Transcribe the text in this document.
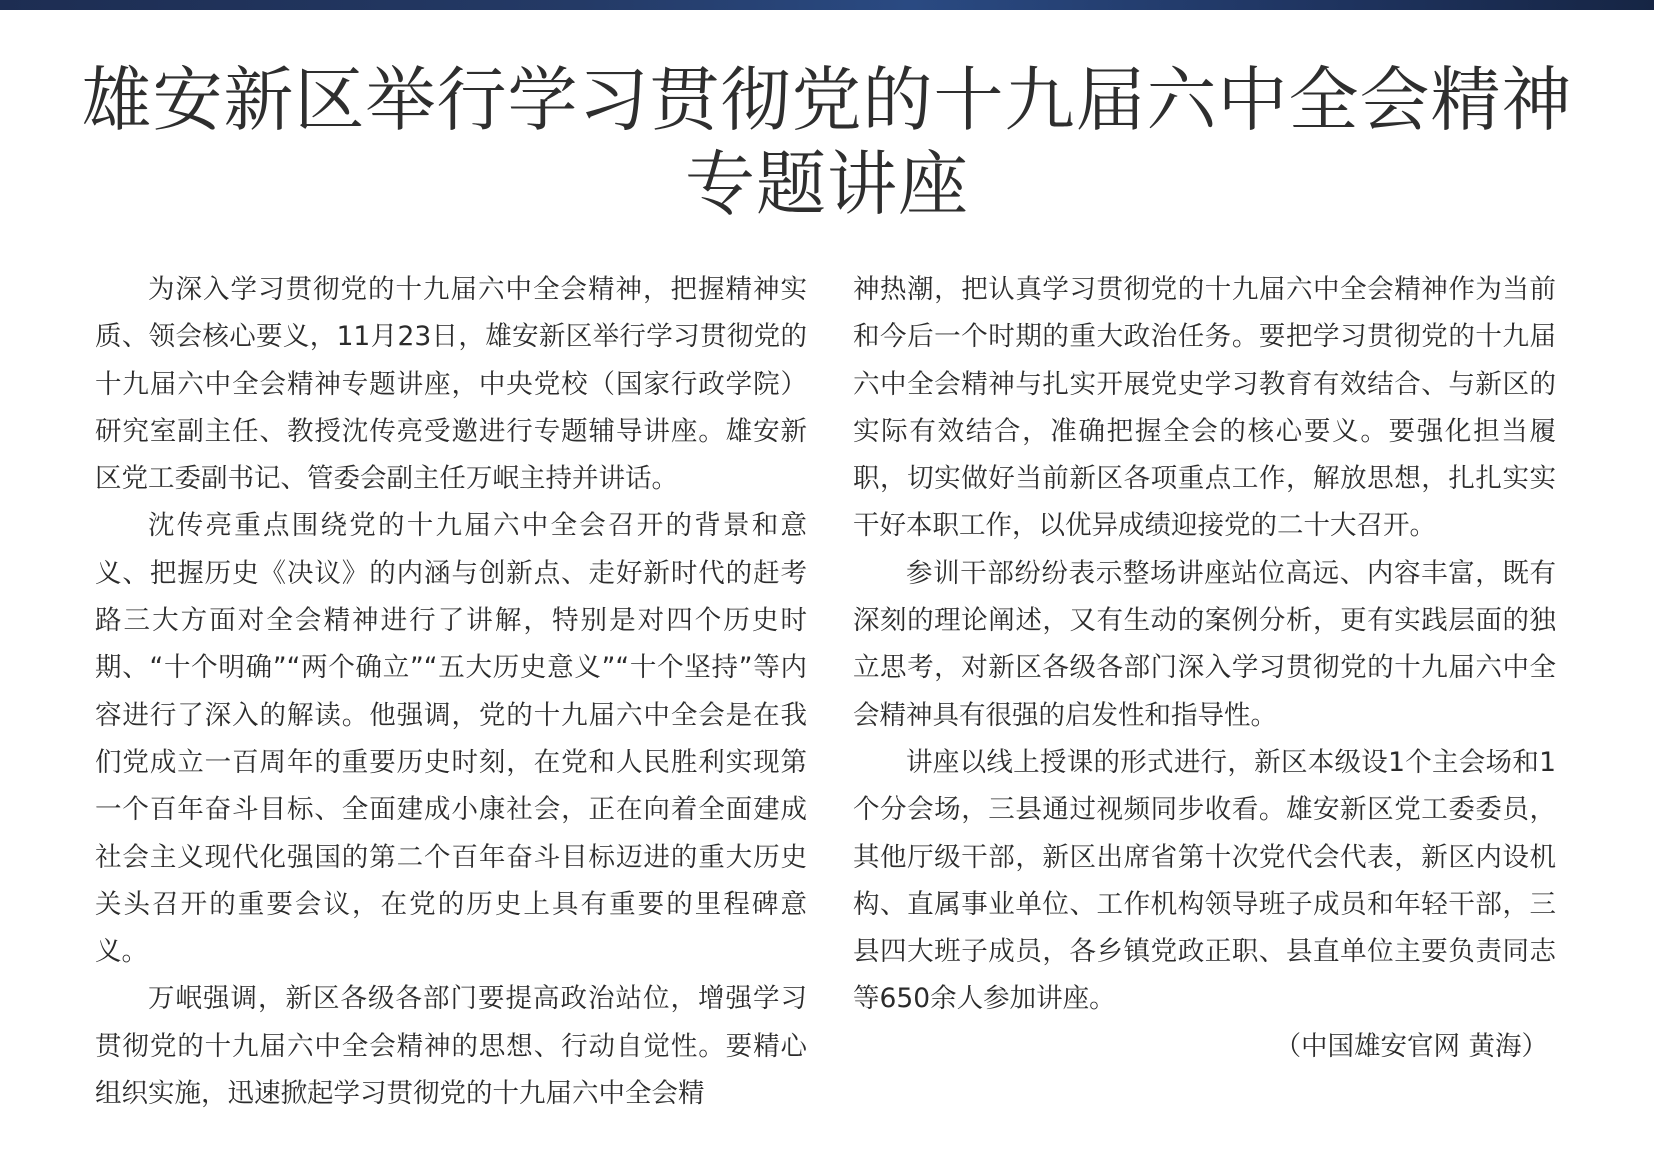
雄安新区举行学习贯彻党的十九届六中全会精神
专题讲座

为深入学习贯彻党的十九届六中全会精神，把握精神实质、领会核心要义，11月23日，雄安新区举行学习贯彻党的十九届六中全会精神专题讲座，中央党校（国家行政学院）研究室副主任、教授沈传亮受邀进行专题辅导讲座。雄安新区党工委副书记、管委会副主任万岷主持并讲话。

沈传亮重点围绕党的十九届六中全会召开的背景和意义、把握历史《决议》的内涵与创新点、走好新时代的赶考路三大方面对全会精神进行了讲解，特别是对四个历史时期、“十个明确”“两个确立”“五大历史意义”“十个坚持”等内容进行了深入的解读。他强调，党的十九届六中全会是在我们党成立一百周年的重要历史时刻，在党和人民胜利实现第一个百年奋斗目标、全面建成小康社会，正在向着全面建成社会主义现代化强国的第二个百年奋斗目标迈进的重大历史关头召开的重要会议，在党的历史上具有重要的里程碑意义。

万岷强调，新区各级各部门要提高政治站位，增强学习贯彻党的十九届六中全会精神的思想、行动自觉性。要精心组织实施，迅速掀起学习贯彻党的十九届六中全会精

神热潮，把认真学习贯彻党的十九届六中全会精神作为当前和今后一个时期的重大政治任务。要把学习贯彻党的十九届六中全会精神与扎实开展党史学习教育有效结合、与新区的实际有效结合，准确把握全会的核心要义。要强化担当履职，切实做好当前新区各项重点工作，解放思想，扎扎实实干好本职工作，以优异成绩迎接党的二十大召开。

参训干部纷纷表示整场讲座站位高远、内容丰富，既有深刻的理论阐述，又有生动的案例分析，更有实践层面的独立思考，对新区各级各部门深入学习贯彻党的十九届六中全会精神具有很强的启发性和指导性。

讲座以线上授课的形式进行，新区本级设1个主会场和1个分会场，三县通过视频同步收看。雄安新区党工委委员，其他厅级干部，新区出席省第十次党代会代表，新区内设机构、直属事业单位、工作机构领导班子成员和年轻干部，三县四大班子成员，各乡镇党政正职、县直单位主要负责同志等650余人参加讲座。

（中国雄安官网 黄海）
